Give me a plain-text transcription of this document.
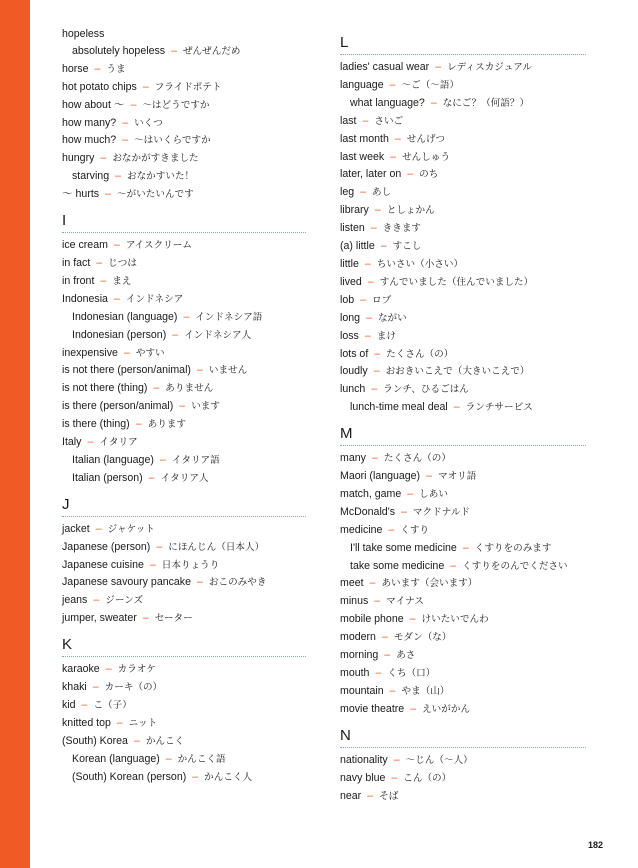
hopeless
absolutely hopeless – ぜんぜんだめ
horse – うま
hot potato chips – フライドポテト
how about ～ – ～はどうですか
how many? – いくつ
how much? – ～はいくらですか
hungry – おなかがすきました
starving – おなかすいた！
～ hurts – ～がいたいんです
I
ice cream – アイスクリーム
in fact – じつは
in front – まえ
Indonesia – インドネシア
Indonesian (language) – インドネシア語
Indonesian (person) – インドネシア人
inexpensive – やすい
is not there (person/animal) – いません
is not there (thing) – ありません
is there (person/animal) – います
is there (thing) – あります
Italy – イタリア
Italian (language) – イタリア語
Italian (person) – イタリア人
J
jacket – ジャケット
Japanese (person) – にほんじん（日本人）
Japanese cuisine – 日本りょうり
Japanese savoury pancake – おこのみやき
jeans – ジーンズ
jumper, sweater – セーター
K
karaoke – カラオケ
khaki – カーキ（の）
kid – こ（子）
knitted top – ニット
(South) Korea – かんこく
Korean (language) – かんこく語
(South) Korean (person) – かんこく人
L
ladies' casual wear – レディスカジュアル
language – ～ご（～語）
what language? – なにご？（何語？）
last – さいご
last month – せんげつ
last week – せんしゅう
later, later on – のち
leg – あし
library – としょかん
listen – ききます
(a) little – すこし
little – ちいさい（小さい）
lived – すんでいました（住んでいました）
lob – ロブ
long – ながい
loss – まけ
lots of – たくさん（の）
loudly – おおきいこえで（大きいこえで）
lunch – ランチ、ひるごはん
lunch-time meal deal – ランチサービス
M
many – たくさん（の）
Maori (language) – マオリ語
match, game – しあい
McDonald's – マクドナルド
medicine – くすり
I'll take some medicine – くすりをのみます
take some medicine – くすりをのんでください
meet – あいます（会います）
minus – マイナス
mobile phone – けいたいでんわ
modern – モダン（な）
morning – あさ
mouth – くち（口）
mountain – やま（山）
movie theatre – えいがかん
N
nationality – ～じん（～人）
navy blue – こん（の）
near – そば
182
